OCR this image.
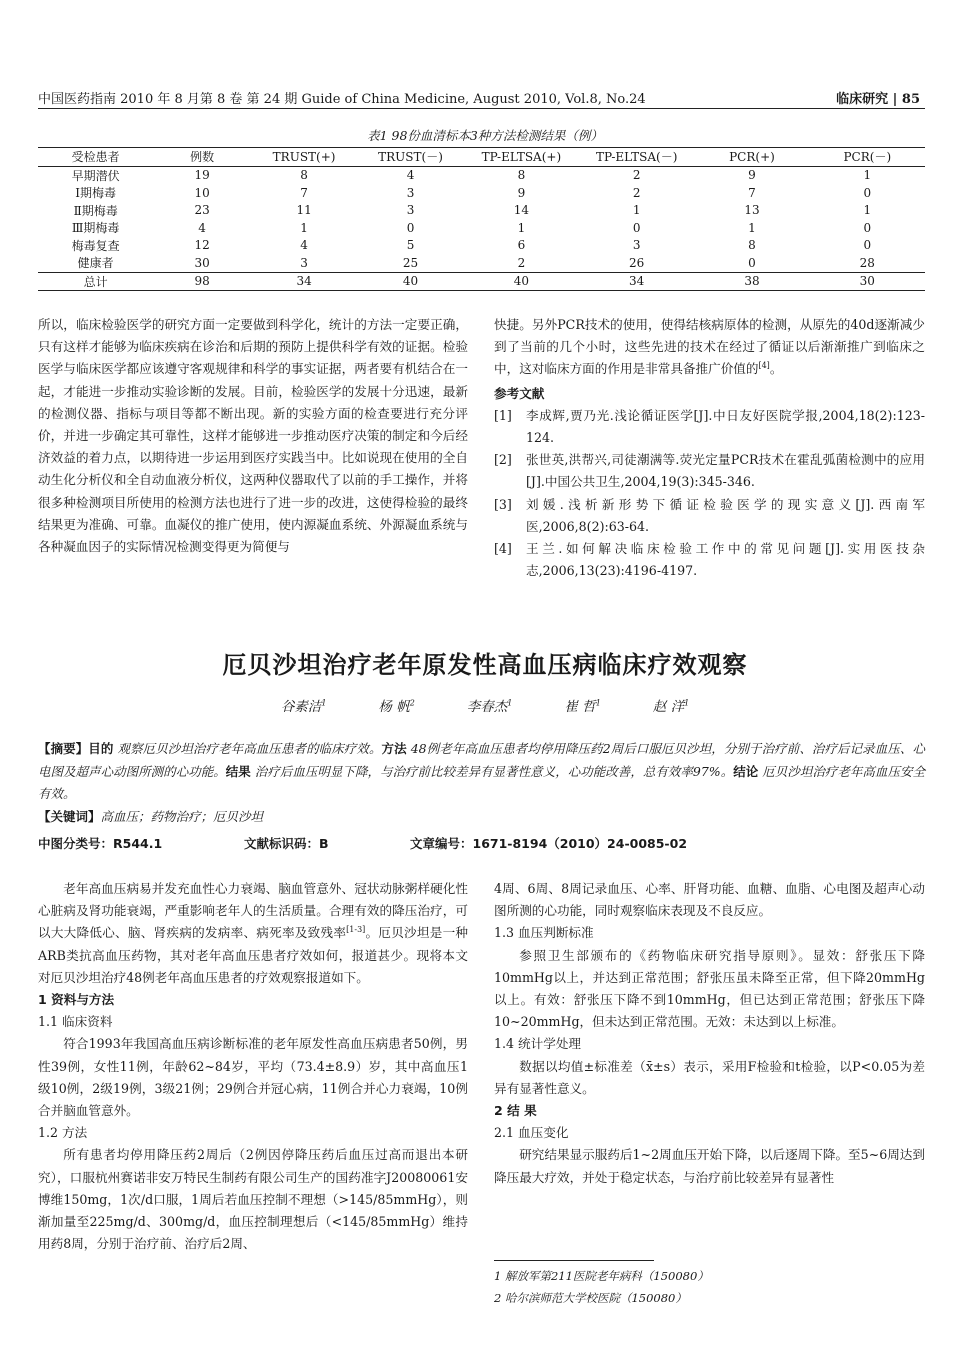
中国医药指南 2010 年 8 月第 8 卷 第 24 期 Guide of China Medicine, August 2010, Vol.8, No.24	临床研究 | 85
表1 98份血清标本3种方法检测结果（例）
受检患者	例数	TRUST(+)	TRUST(－)	TP-ELTSA(+)	TP-ELTSA(－)	PCR(+)	PCR(－)
早期潜伏	19	8	4	8	2	9	1
Ⅰ期梅毒	10	7	3	9	2	7	0
Ⅱ期梅毒	23	11	3	14	1	13	1
Ⅲ期梅毒	4	1	0	1	0	1	0
梅毒复查	12	4	5	6	3	8	0
健康者	30	3	25	2	26	0	28
总计	98	34	40	40	34	38	30

所以，临床检验医学的研究方面一定要做到科学化，统计的方法一定要正确，只有这样才能够为临床疾病在诊治和后期的预防上提供科学有效的证据。检验医学与临床医学都应该遵守客观规律和科学的事实证据，两者要有机结合在一起，才能进一步推动实验诊断的发展。目前，检验医学的发展十分迅速，最新的检测仪器、指标与项目等都不断出现。新的实验方面的检查要进行充分评价，并进一步确定其可靠性，这样才能够进一步推动医疗决策的制定和今后经济效益的着力点，以期待进一步运用到医疗实践当中。比如说现在使用的全自动生化分析仪和全自动血液分析仪，这两种仪器取代了以前的手工操作，并将很多种检测项目所使用的检测方法也进行了进一步的改进，这使得检验的最终结果更为准确、可靠。血凝仪的推广使用，使内源凝血系统、外源凝血系统与各种凝血因子的实际情况检测变得更为简便与

快捷。另外PCR技术的使用，使得结核病原体的检测，从原先的40d逐渐减少到了当前的几个小时，这些先进的技术在经过了循证以后渐渐推广到临床之中，这对临床方面的作用是非常具备推广价值的[4]。

参考文献
[1]	李成辉,贾乃光.浅论循证医学[J].中日友好医院学报,2004,18(2):123-124.
[2]	张世英,洪帮兴,司徒潮满等.荧光定量PCR技术在霍乱弧菌检测中的应用[J].中国公共卫生,2004,19(3):345-346.
[3]	刘媛.浅析新形势下循证检验医学的现实意义[J].西南军医,2006,8(2):63-64.
[4]	王兰.如何解决临床检验工作中的常见问题[J].实用医技杂志,2006,13(23):4196-4197.
厄贝沙坦治疗老年原发性高血压病临床疗效观察
谷素洁$^1$	杨 帆$^2$	李春杰$^1$	崔 哲$^1$	赵 洋$^1$
【摘要】目的 观察厄贝沙坦治疗老年高血压患者的临床疗效。方法 48例老年高血压患者均停用降压药2周后口服厄贝沙坦，分别于治疗前、治疗后记录血压、心电图及超声心动图所测的心功能。结果 治疗后血压明显下降，与治疗前比较差异有显著性意义，心功能改善，总有效率97%。结论 厄贝沙坦治疗老年高血压安全有效。
【关键词】高血压；药物治疗；厄贝沙坦
中图分类号：R544.1	文献标识码：B	文章编号：1671-8194（2010）24-0085-02

老年高血压病易并发充血性心力衰竭、脑血管意外、冠状动脉粥样硬化性心脏病及肾功能衰竭，严重影响老年人的生活质量。合理有效的降压治疗，可以大大降低心、脑、肾疾病的发病率、病死率及致残率[1-3]。厄贝沙坦是一种ARB类抗高血压药物，其对老年高血压患者疗效如何，报道甚少。现将本文对厄贝沙坦治疗48例老年高血压患者的疗效观察报道如下。

1 资料与方法

1.1 临床资料

符合1993年我国高血压病诊断标准的老年原发性高血压病患者50例，男性39例，女性11例，年龄62~84岁，平均（73.4±8.9）岁，其中高血压1级10例，2级19例，3级21例；29例合并冠心病，11例合并心力衰竭，10例合并脑血管意外。

1.2 方法

所有患者均停用降压药2周后（2例因停降压药后血压过高而退出本研究），口服杭州赛诺非安万特民生制药有限公司生产的国药准字J20080061安博维150mg，1次/d口服，1周后若血压控制不理想（>145/85mmHg），则渐加量至225mg/d、300mg/d，血压控制理想后（<145/85mmHg）维持用药8周，分别于治疗前、治疗后2周、

4周、6周、8周记录血压、心率、肝肾功能、血糖、血脂、心电图及超声心动图所测的心功能，同时观察临床表现及不良反应。

1.3 血压判断标准

参照卫生部颁布的《药物临床研究指导原则》。显效：舒张压下降10mmHg以上，并达到正常范围；舒张压虽未降至正常，但下降20mmHg以上。有效：舒张压下降不到10mmHg，但已达到正常范围；舒张压下降10~20mmHg，但未达到正常范围。无效：未达到以上标准。

1.4 统计学处理

数据以均值±标准差（x̄±s）表示，采用F检验和t检验，以P<0.05为差异有显著性意义。

2 结 果

2.1 血压变化

研究结果显示服药后1~2周血压开始下降，以后逐周下降。至5~6周达到降压最大疗效，并处于稳定状态，与治疗前比较差异有显著性

1 解放军第211医院老年病科（150080）
2 哈尔滨师范大学校医院（150080）
